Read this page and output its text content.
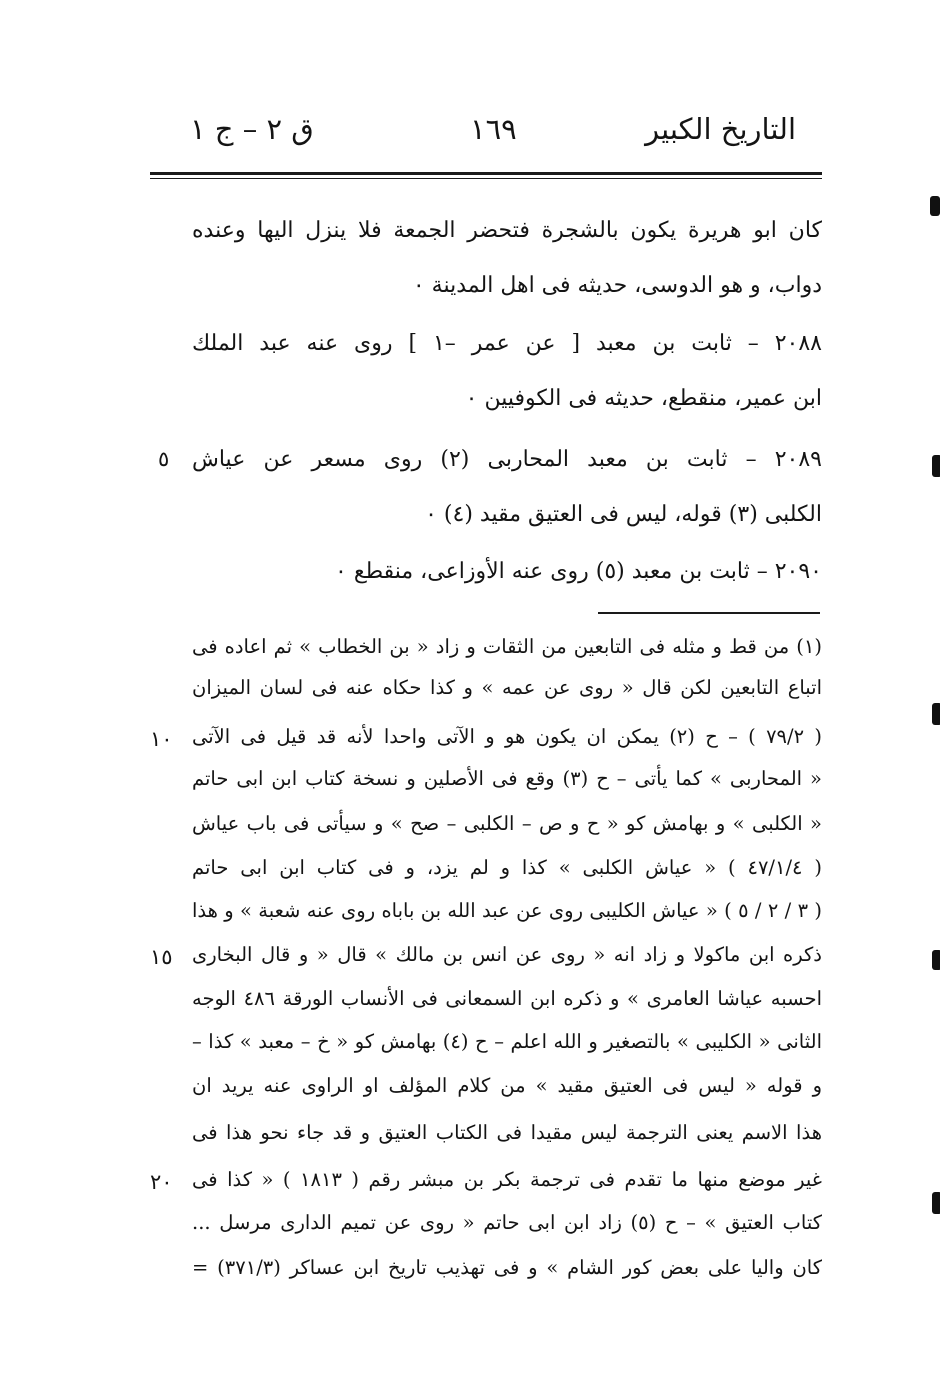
التاريخ الكبير
١٦٩
ق ٢ – ج ١
كان ابو هريرة يكون بالشجرة فتحضر الجمعة فلا ينزل اليها وعنده
دواب، و هو الدوسى، حديثه فى اهل المدينة ٠
٢٠٨٨ – ثابت بن معبد [ عن عمر –١ ] روى عنه عبد الملك
ابن عمير، منقطع، حديثه فى الكوفيين ٠
٢٠٨٩ – ثابت بن معبد المحاربى (٢) روى مسعر عن عياش
الكلبى (٣) قوله، ليس فى العتيق مقيد (٤) ٠
٢٠٩٠ – ثابت بن معبد (٥) روى عنه الأوزاعى، منقطع ٠
(١) من قط و مثله فى التابعين من الثقات و زاد « بن الخطاب » ثم اعاده فى
اتباع التابعين لكن قال « روى عن عمه » و كذا حكاه عنه فى لسان الميزان
( ٧٩/٢ ) – ح (٢) يمكن ان يكون هو و الآتى واحدا لأنه قد قيل فى الآتى
« المحاربى » كما يأتى – ح (٣) وقع فى الأصلين و نسخة كتاب ابن ابى حاتم
« الكلبى » و بهامش كو « ح و ص – الكلبى – صح » و سيأتى فى باب عياش
( ٤٧/١/٤ ) « عياش الكلبى » كذا و لم يزد، و فى كتاب ابن ابى حاتم
( ٣ / ٢ / ٥ ) « عياش الكليبى روى عن عبد الله بن باباه روى عنه شعبة » و هذا
ذكره ابن ماكولا و زاد انه « روى عن انس بن مالك » قال « و قال البخارى
احسبه عياشا العامرى » و ذكره ابن السمعانى فى الأنساب الورقة ٤٨٦ الوجه
الثانى « الكليبى » بالتصغير و الله اعلم – ح (٤) بهامش كو « خ – معبد » كذا –
و قوله « ليس فى العتيق مقيد » من كلام المؤلف او الراوى عنه يريد ان
هذا الاسم يعنى الترجمة ليس مقيدا فى الكتاب العتيق و قد جاء نحو هذا فى
غير موضع منها ما تقدم فى ترجمة بكر بن مبشر رقم ( ١٨١٣ ) « كذا فى
كتاب العتيق » – ح (٥) زاد ابن ابى حاتم « روى عن تميم الدارى مرسل ...
كان واليا على بعض كور الشام » و فى تهذيب تاريخ ابن عساكر (٣٧١/٣) =
٥
١٠
١٥
٢٠
